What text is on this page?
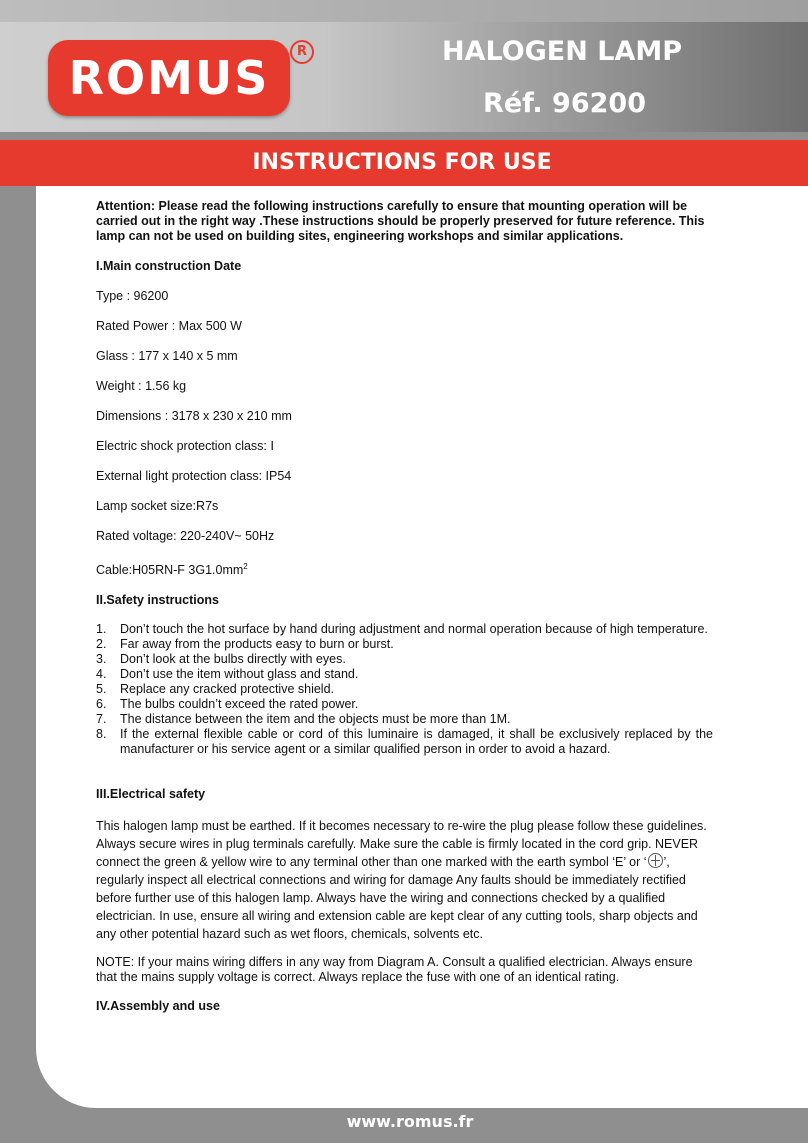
ROMUS	R	HALOGEN LAMP
Réf. 96200
INSTRUCTIONS FOR USE

Attention: Please read the following instructions carefully to ensure that mounting operation will be carried out in the right way .These instructions should be properly preserved for future reference. This lamp can not be used on building sites, engineering workshops and similar applications.

I.Main construction Date

Type : 96200

Rated Power : Max 500 W

Glass : 177 x 140 x 5 mm

Weight : 1.56 kg

Dimensions : 3178 x 230 x 210 mm

Electric shock protection class: Ⅰ

External light protection class: IP54

Lamp socket size:R7s

Rated voltage: 220-240V~ 50Hz

Cable:H05RN-F $3G1.0mm^2$

II.Safety instructions

1. Don’t touch the hot surface by hand during adjustment and normal operation because of high temperature.
2. Far away from the products easy to burn or burst.
3. Don’t look at the bulbs directly with eyes.
4. Don’t use the item without glass and stand.
5. Replace any cracked protective shield.
6. The bulbs couldn’t exceed the rated power.
7. The distance between the item and the objects must be more than 1M.
8. If the external flexible cable or cord of this luminaire is damaged, it shall be exclusively replaced by the manufacturer or his service agent or a similar qualified person in order to avoid a hazard.

III.Electrical safety

This halogen lamp must be earthed. If it becomes necessary to re-wire the plug please follow these guidelines. Always secure wires in plug terminals carefully. Make sure the cable is firmly located in the cord grip. NEVER connect the green & yellow wire to any terminal other than one marked with the earth symbol ‘E’ or ‘ ’, regularly inspect all electrical connections and wiring for damage Any faults should be immediately rectified before further use of this halogen lamp. Always have the wiring and connections checked by a qualified electrician. In use, ensure all wiring and extension cable are kept clear of any cutting tools, sharp objects and any other potential hazard such as wet floors, chemicals, solvents etc.

NOTE: If your mains wiring differs in any way from Diagram A. Consult a qualified electrician. Always ensure that the mains supply voltage is correct. Always replace the fuse with one of an identical rating.

IV.Assembly and use

www.romus.fr
